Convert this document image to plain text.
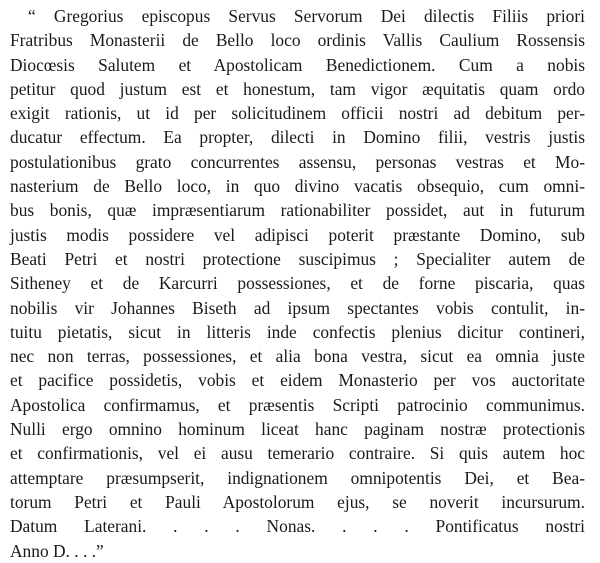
“ Gregorius episcopus Servus Servorum Dei dilectis Filiis priori
Fratribus Monasterii de Bello loco ordinis Vallis Caulium Rossensis
Diocœsis Salutem et Apostolicam Benedictionem. Cum a nobis
petitur quod justum est et honestum, tam vigor æquitatis quam ordo
exigit rationis, ut id per solicitudinem officii nostri ad debitum per-
ducatur effectum. Ea propter, dilecti in Domino filii, vestris justis
postulationibus grato concurrentes assensu, personas vestras et Mo-
nasterium de Bello loco, in quo divino vacatis obsequio, cum omni-
bus bonis, quæ impræsentiarum rationabiliter possidet, aut in futurum
justis modis possidere vel adipisci poterit præstante Domino, sub
Beati Petri et nostri protectione suscipimus ; Specialiter autem de
Sitheney et de Karcurri possessiones, et de forne piscaria, quas
nobilis vir Johannes Biseth ad ipsum spectantes vobis contulit, in-
tuitu pietatis, sicut in litteris inde confectis plenius dicitur contineri,
nec non terras, possessiones, et alia bona vestra, sicut ea omnia juste
et pacifice possidetis, vobis et eidem Monasterio per vos auctoritate
Apostolica confirmamus, et præsentis Scripti patrocinio communimus.
Nulli ergo omnino hominum liceat hanc paginam nostræ protectionis
et confirmationis, vel ei ausu temerario contraire. Si quis autem hoc
attemptare præsumpserit, indignationem omnipotentis Dei, et Bea-
torum Petri et Pauli Apostolorum ejus, se noverit incursurum.
Datum Laterani. . . . Nonas. . . . Pontificatus nostri
Anno D. . . .”
